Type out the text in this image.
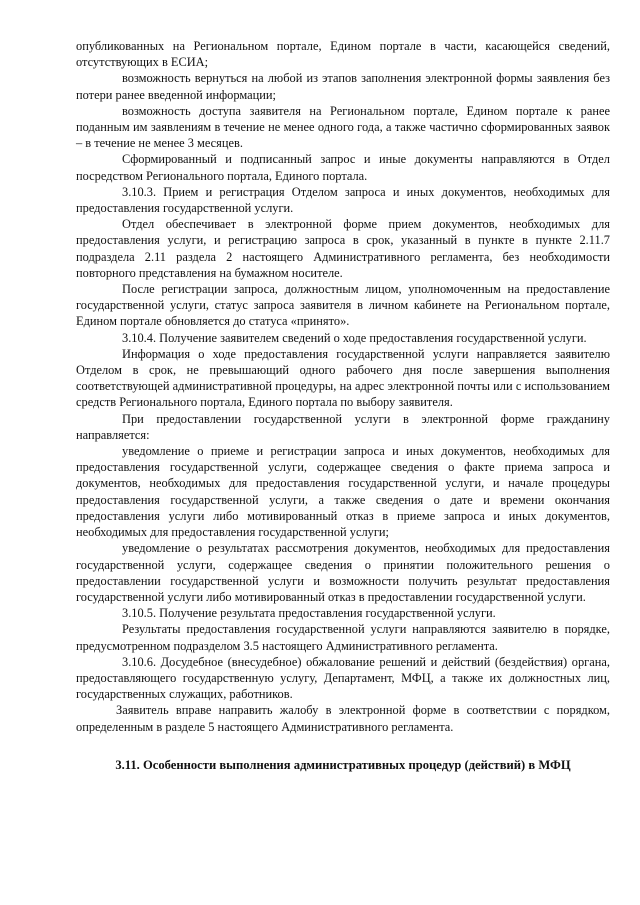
опубликованных на Региональном портале, Едином портале в части, касающейся сведений, отсутствующих в ЕСИА;

возможность вернуться на любой из этапов заполнения электронной формы заявления без потери ранее введенной информации;

возможность доступа заявителя на Региональном портале, Едином портале к ранее поданным им заявлениям в течение не менее одного года, а также частично сформированных заявок – в течение не менее 3 месяцев.

Сформированный и подписанный запрос и иные документы направляются в Отдел посредством Регионального портала, Единого портала.

3.10.3. Прием и регистрация Отделом запроса и иных документов, необходимых для предоставления государственной услуги.

Отдел обеспечивает в электронной форме прием документов, необходимых для предоставления услуги, и регистрацию запроса в срок, указанный в пункте в пункте 2.11.7 подраздела 2.11 раздела 2 настоящего Административного регламента, без необходимости повторного представления на бумажном носителе.

После регистрации запроса, должностным лицом, уполномоченным на предоставление государственной услуги, статус запроса заявителя в личном кабинете на Региональном портале, Едином портале обновляется до статуса «принято».

3.10.4. Получение заявителем сведений о ходе предоставления государственной услуги.

Информация о ходе предоставления государственной услуги направляется заявителю Отделом в срок, не превышающий одного рабочего дня после завершения выполнения соответствующей административной процедуры, на адрес электронной почты или с использованием средств Регионального портала, Единого портала по выбору заявителя.

При предоставлении государственной услуги в электронной форме гражданину направляется:

уведомление о приеме и регистрации запроса и иных документов, необходимых для предоставления государственной услуги, содержащее сведения о факте приема запроса и документов, необходимых для предоставления государственной услуги, и начале процедуры предоставления государственной услуги, а также сведения о дате и времени окончания предоставления услуги либо мотивированный отказ в приеме запроса и иных документов, необходимых для предоставления государственной услуги;

уведомление о результатах рассмотрения документов, необходимых для предоставления государственной услуги, содержащее сведения о принятии положительного решения о предоставлении государственной услуги и возможности получить результат предоставления государственной услуги либо мотивированный отказ в предоставлении государственной услуги.

3.10.5. Получение результата предоставления государственной услуги.

Результаты предоставления государственной услуги направляются заявителю в порядке, предусмотренном подразделом 3.5 настоящего Административного регламента.

3.10.6. Досудебное (внесудебное) обжалование решений и действий (бездействия) органа, предоставляющего государственную услугу, Департамент, МФЦ, а также их должностных лиц, государственных служащих, работников.

Заявитель вправе направить жалобу в электронной форме в соответствии с порядком, определенным в разделе 5 настоящего Административного регламента.

3.11. Особенности выполнения административных процедур (действий) в МФЦ
